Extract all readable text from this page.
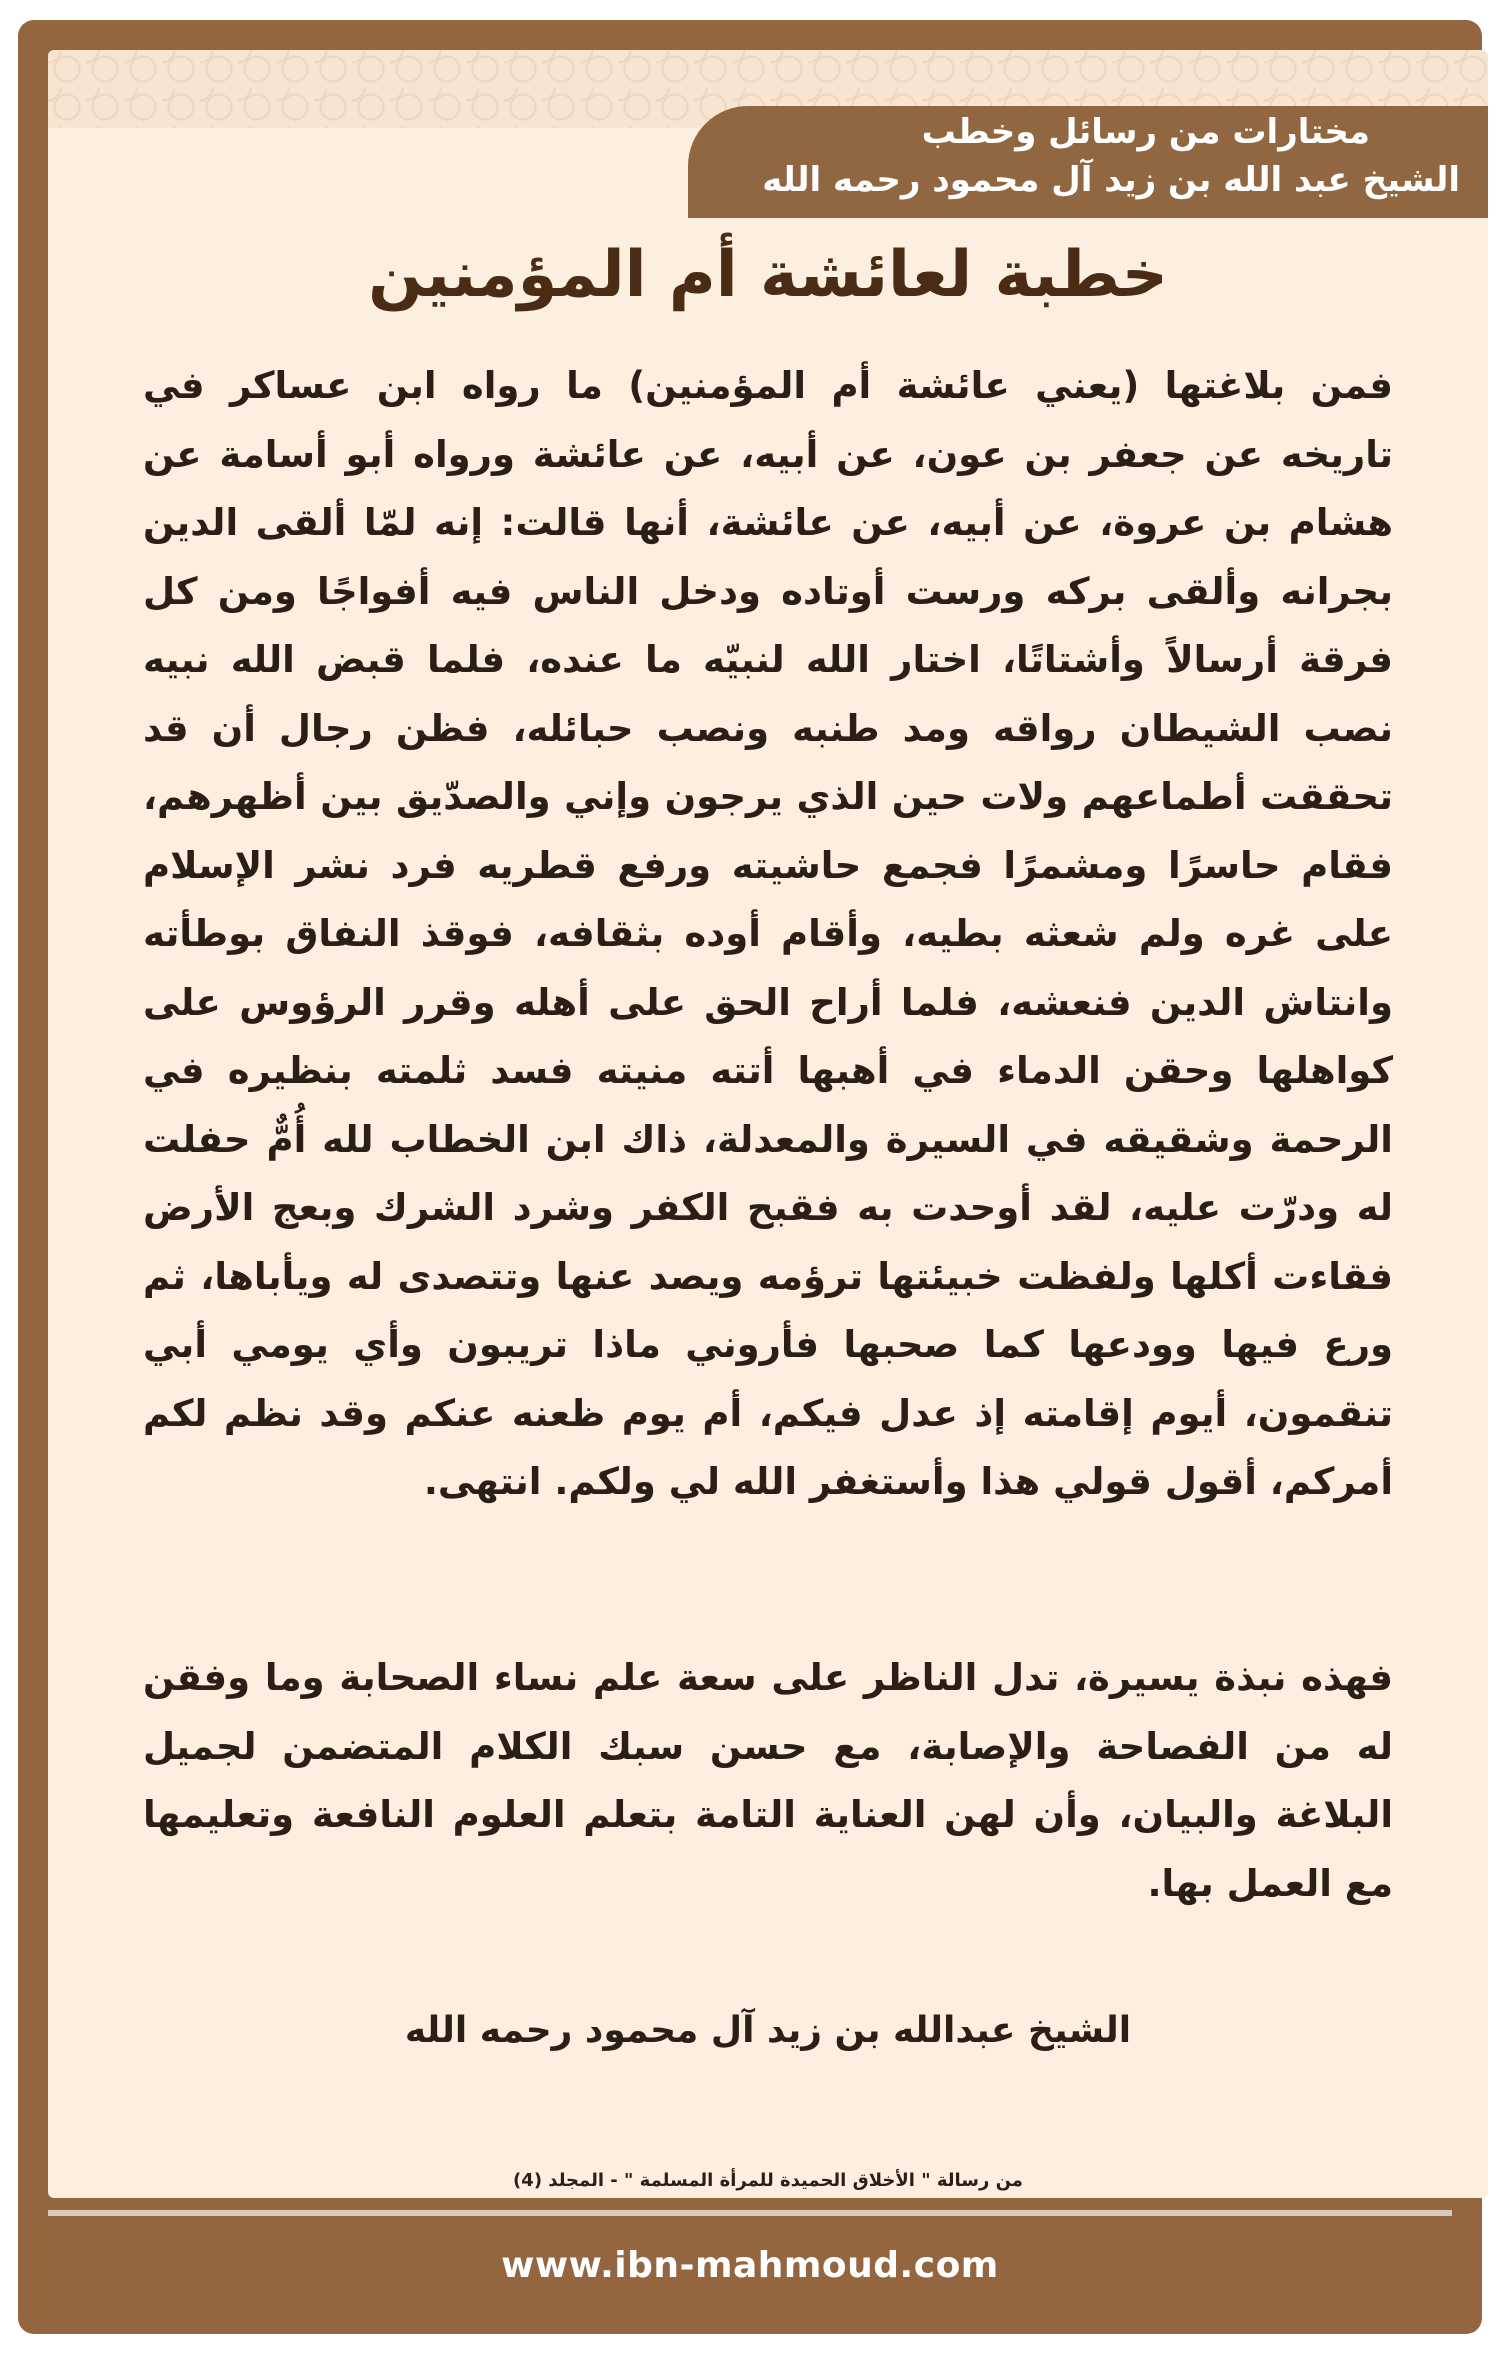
مختارات من رسائل وخطب

الشيخ عبد الله بن زيد آل محمود رحمه الله

خطبة لعائشة أم المؤمنين

فمن بلاغتها (يعني عائشة أم المؤمنين) ما رواه ابن عساكر في تاريخه عن جعفر بن عون، عن أبيه، عن عائشة ورواه أبو أسامة عن هشام بن عروة، عن أبيه، عن عائشة، أنها قالت: إنه لمّا ألقى الدين بجرانه وألقى بركه ورست أوتاده ودخل الناس فيه أفواجًا ومن كل فرقة أرسالاً وأشتاتًا، اختار الله لنبيّه ما عنده، فلما قبض الله نبيه نصب الشيطان رواقه ومد طنبه ونصب حبائله، فظن رجال أن قد تحققت أطماعهم ولات حين الذي يرجون وإني والصدّيق بين أظهرهم، فقام حاسرًا ومشمرًا فجمع حاشيته ورفع قطريه فرد نشر الإسلام على غره ولم شعثه بطيه، وأقام أوده بثقافه، فوقذ النفاق بوطأته وانتاش الدين فنعشه، فلما أراح الحق على أهله وقرر الرؤوس على كواهلها وحقن الدماء في أهبها أتته منيته فسد ثلمته بنظيره في الرحمة وشقيقه في السيرة والمعدلة، ذاك ابن الخطاب لله أُمٌّ حفلت له ودرّت عليه، لقد أوحدت به فقبح الكفر وشرد الشرك وبعج الأرض فقاءت أكلها ولفظت خبيئتها ترؤمه ويصد عنها وتتصدى له ويأباها، ثم ورع فيها وودعها كما صحبها فأروني ماذا تريبون وأي يومي أبي تنقمون، أيوم إقامته إذ عدل فيكم، أم يوم ظعنه عنكم وقد نظم لكم أمركم، أقول قولي هذا وأستغفر الله لي ولكم. انتهى.

فهذه نبذة يسيرة، تدل الناظر على سعة علم نساء الصحابة وما وفقن له من الفصاحة والإصابة، مع حسن سبك الكلام المتضمن لجميل البلاغة والبيان، وأن لهن العناية التامة بتعلم العلوم النافعة وتعليمها مع العمل بها.

الشيخ عبدالله بن زيد آل محمود رحمه الله

من رسالة " الأخلاق الحميدة للمرأة المسلمة " - المجلد (4)

www.ibn-mahmoud.com
